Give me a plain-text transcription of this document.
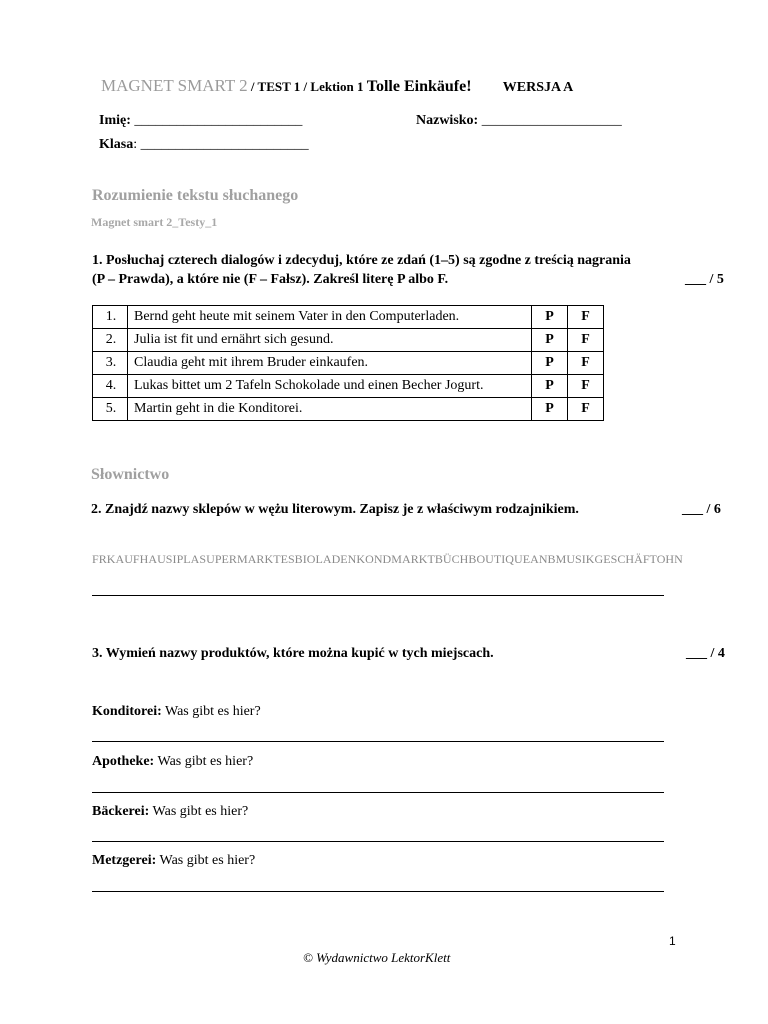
MAGNET SMART 2 / TEST 1 / Lektion 1 Tolle Einkäufe! WERSJA A
Imię: ________________________	Nazwisko: ____________________
Klasa: ________________________
Rozumienie tekstu słuchanego
Magnet smart 2_Testy_1
1. Posłuchaj czterech dialogów i zdecyduj, które ze zdań (1–5) są zgodne z treścią nagrania
(P – Prawda), a które nie (F – Fałsz). Zakreśl literę P albo F.	___ / 5
1.	Bernd geht heute mit seinem Vater in den Computerladen.	P	F
2.	Julia ist fit und ernährt sich gesund.	P	F
3.	Claudia geht mit ihrem Bruder einkaufen.	P	F
4.	Lukas bittet um 2 Tafeln Schokolade und einen Becher Jogurt.	P	F
5.	Martin geht in die Konditorei.	P	F
Słownictwo
2. Znajdź nazwy sklepów w wężu literowym. Zapisz je z właściwym rodzajnikiem.	___ / 6
FRKAUFHAUSIPLASUPERMARKTESBIOLADENKONDMARKTBÜCHBOUTIQUEANBMUSIKGESCHÄFTOHN
3. Wymień nazwy produktów, które można kupić w tych miejscach.	___ / 4
Konditorei: Was gibt es hier?
Apotheke: Was gibt es hier?
Bäckerei: Was gibt es hier?
Metzgerei: Was gibt es hier?
1
© Wydawnictwo LektorKlett
